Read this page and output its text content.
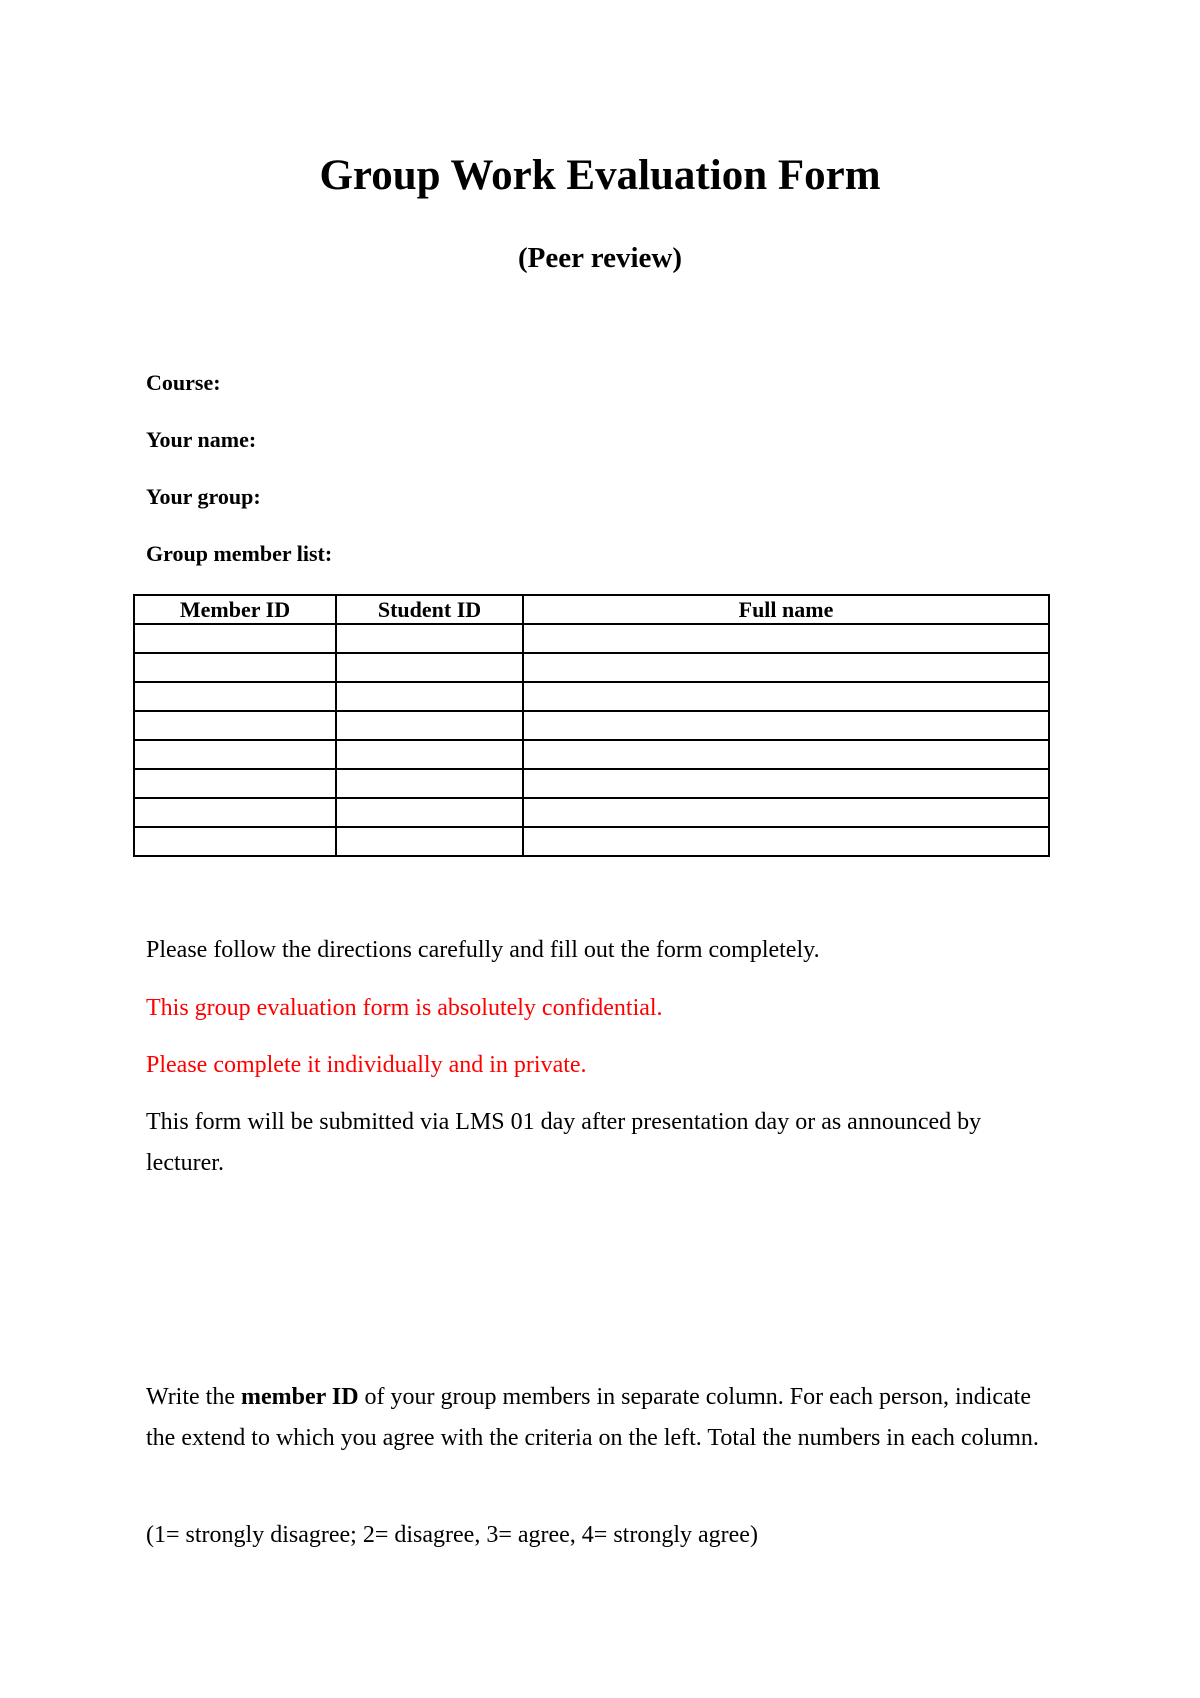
Group Work Evaluation Form
(Peer review)

Course:

Your name:

Your group:

Group member list:

Member ID	Student ID	Full name

Please follow the directions carefully and fill out the form completely.

This group evaluation form is absolutely confidential.

Please complete it individually and in private.

This form will be submitted via LMS 01 day after presentation day or as announced by lecturer.

Write the member ID of your group members in separate column. For each person, indicate the extend to which you agree with the criteria on the left. Total the numbers in each column.

(1= strongly disagree; 2= disagree, 3= agree, 4= strongly agree)
